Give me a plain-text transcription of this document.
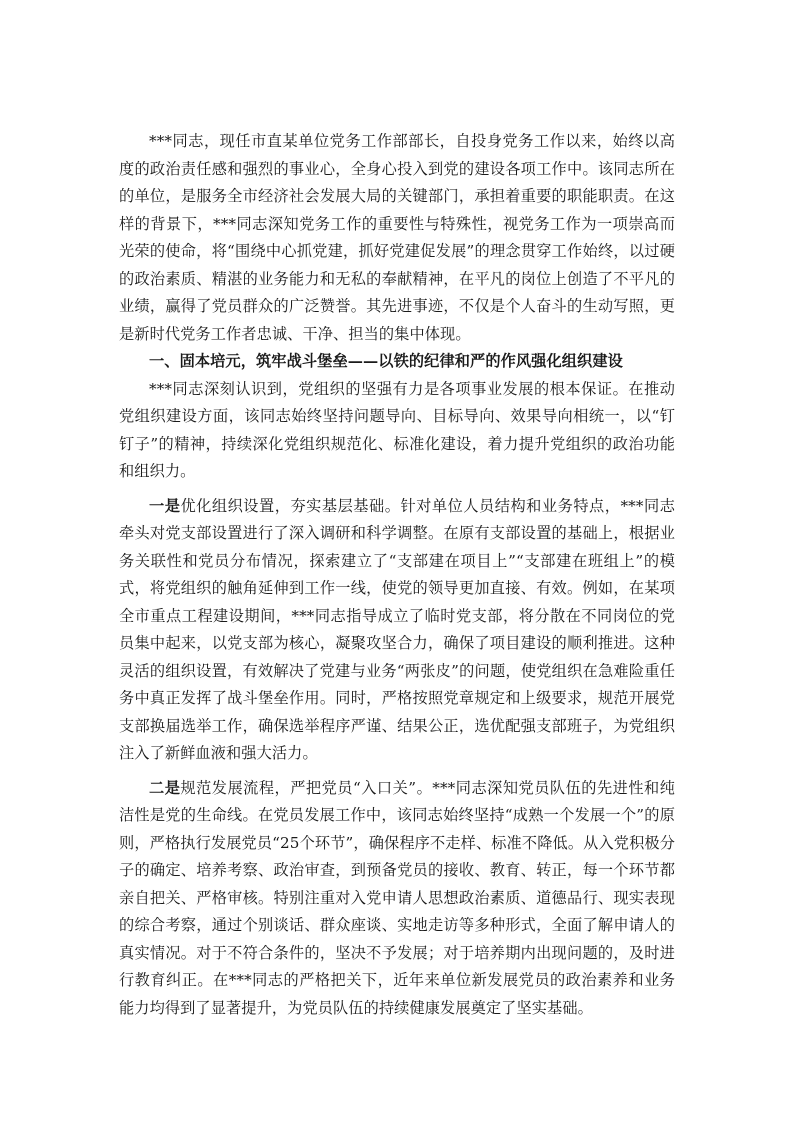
***同志，现任市直某单位党务工作部部长，自投身党务工作以来，始终以高度的政治责任感和强烈的事业心，全身心投入到党的建设各项工作中。该同志所在的单位，是服务全市经济社会发展大局的关键部门，承担着重要的职能职责。在这样的背景下，***同志深知党务工作的重要性与特殊性，视党务工作为一项崇高而光荣的使命，将“围绕中心抓党建，抓好党建促发展”的理念贯穿工作始终，以过硬的政治素质、精湛的业务能力和无私的奉献精神，在平凡的岗位上创造了不平凡的业绩，赢得了党员群众的广泛赞誉。其先进事迹，不仅是个人奋斗的生动写照，更是新时代党务工作者忠诚、干净、担当的集中体现。

一、固本培元，筑牢战斗堡垒——以铁的纪律和严的作风强化组织建设

***同志深刻认识到，党组织的坚强有力是各项事业发展的根本保证。在推动党组织建设方面，该同志始终坚持问题导向、目标导向、效果导向相统一，以“钉钉子”的精神，持续深化党组织规范化、标准化建设，着力提升党组织的政治功能和组织力。

一是优化组织设置，夯实基层基础。针对单位人员结构和业务特点，***同志牵头对党支部设置进行了深入调研和科学调整。在原有支部设置的基础上，根据业务关联性和党员分布情况，探索建立了“支部建在项目上”“支部建在班组上”的模式，将党组织的触角延伸到工作一线，使党的领导更加直接、有效。例如，在某项全市重点工程建设期间，***同志指导成立了临时党支部，将分散在不同岗位的党员集中起来，以党支部为核心，凝聚攻坚合力，确保了项目建设的顺利推进。这种灵活的组织设置，有效解决了党建与业务“两张皮”的问题，使党组织在急难险重任务中真正发挥了战斗堡垒作用。同时，严格按照党章规定和上级要求，规范开展党支部换届选举工作，确保选举程序严谨、结果公正，选优配强支部班子，为党组织注入了新鲜血液和强大活力。

二是规范发展流程，严把党员“入口关”。***同志深知党员队伍的先进性和纯洁性是党的生命线。在党员发展工作中，该同志始终坚持“成熟一个发展一个”的原则，严格执行发展党员“25个环节”，确保程序不走样、标准不降低。从入党积极分子的确定、培养考察、政治审查，到预备党员的接收、教育、转正，每一个环节都亲自把关、严格审核。特别注重对入党申请人思想政治素质、道德品行、现实表现的综合考察，通过个别谈话、群众座谈、实地走访等多种形式，全面了解申请人的真实情况。对于不符合条件的，坚决不予发展；对于培养期内出现问题的，及时进行教育纠正。在***同志的严格把关下，近年来单位新发展党员的政治素养和业务能力均得到了显著提升，为党员队伍的持续健康发展奠定了坚实基础。
